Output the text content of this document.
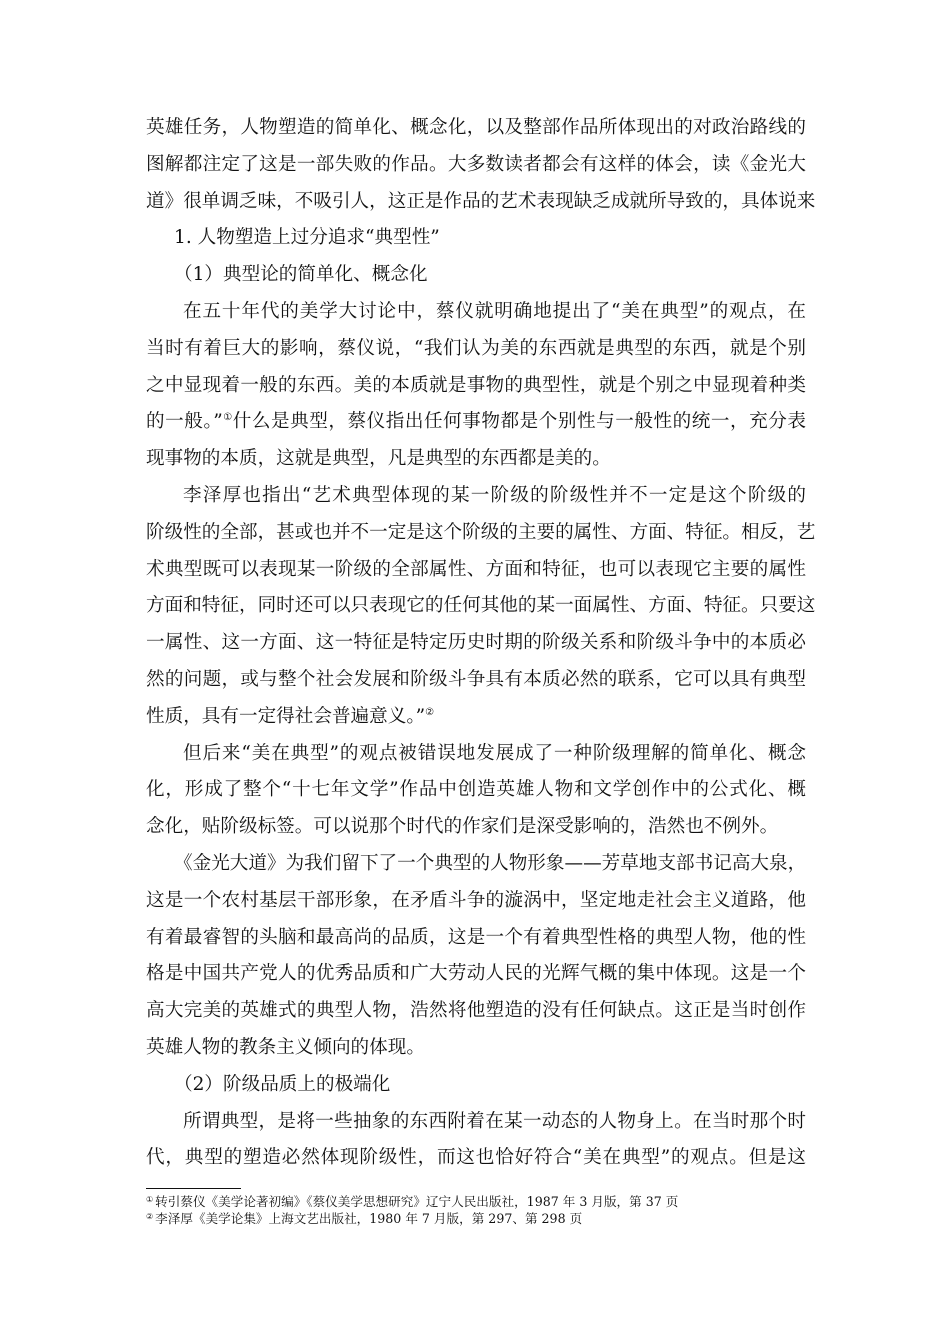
英雄任务，人物塑造的简单化、概念化，以及整部作品所体现出的对政治路线的
图解都注定了这是一部失败的作品。大多数读者都会有这样的体会，读《金光大
道》很单调乏味，不吸引人，这正是作品的艺术表现缺乏成就所导致的，具体说来
1. 人物塑造上过分追求“典型性”
（1）典型论的简单化、概念化
在五十年代的美学大讨论中，蔡仪就明确地提出了“美在典型”的观点，在
当时有着巨大的影响，蔡仪说，“我们认为美的东西就是典型的东西，就是个别
之中显现着一般的东西。美的本质就是事物的典型性，就是个别之中显现着种类
的一般。”①什么是典型，蔡仪指出任何事物都是个别性与一般性的统一，充分表
现事物的本质，这就是典型，凡是典型的东西都是美的。
李泽厚也指出“艺术典型体现的某一阶级的阶级性并不一定是这个阶级的
阶级性的全部，甚或也并不一定是这个阶级的主要的属性、方面、特征。相反，艺
术典型既可以表现某一阶级的全部属性、方面和特征，也可以表现它主要的属性
方面和特征，同时还可以只表现它的任何其他的某一面属性、方面、特征。只要这
一属性、这一方面、这一特征是特定历史时期的阶级关系和阶级斗争中的本质必
然的问题，或与整个社会发展和阶级斗争具有本质必然的联系，它可以具有典型
性质，具有一定得社会普遍意义。”②
但后来“美在典型”的观点被错误地发展成了一种阶级理解的简单化、概念
化，形成了整个“十七年文学”作品中创造英雄人物和文学创作中的公式化、概
念化，贴阶级标签。可以说那个时代的作家们是深受影响的，浩然也不例外。
《金光大道》为我们留下了一个典型的人物形象——芳草地支部书记高大泉，
这是一个农村基层干部形象，在矛盾斗争的漩涡中，坚定地走社会主义道路，他
有着最睿智的头脑和最高尚的品质，这是一个有着典型性格的典型人物，他的性
格是中国共产党人的优秀品质和广大劳动人民的光辉气概的集中体现。这是一个
高大完美的英雄式的典型人物，浩然将他塑造的没有任何缺点。这正是当时创作
英雄人物的教条主义倾向的体现。
（2）阶级品质上的极端化
所谓典型，是将一些抽象的东西附着在某一动态的人物身上。在当时那个时
代，典型的塑造必然体现阶级性，而这也恰好符合“美在典型”的观点。但是这
① 转引蔡仪《美学论著初编》《蔡仪美学思想研究》辽宁人民出版社，1987 年 3 月版，第 37 页
② 李泽厚《美学论集》上海文艺出版社，1980 年 7 月版，第 297、第 298 页
